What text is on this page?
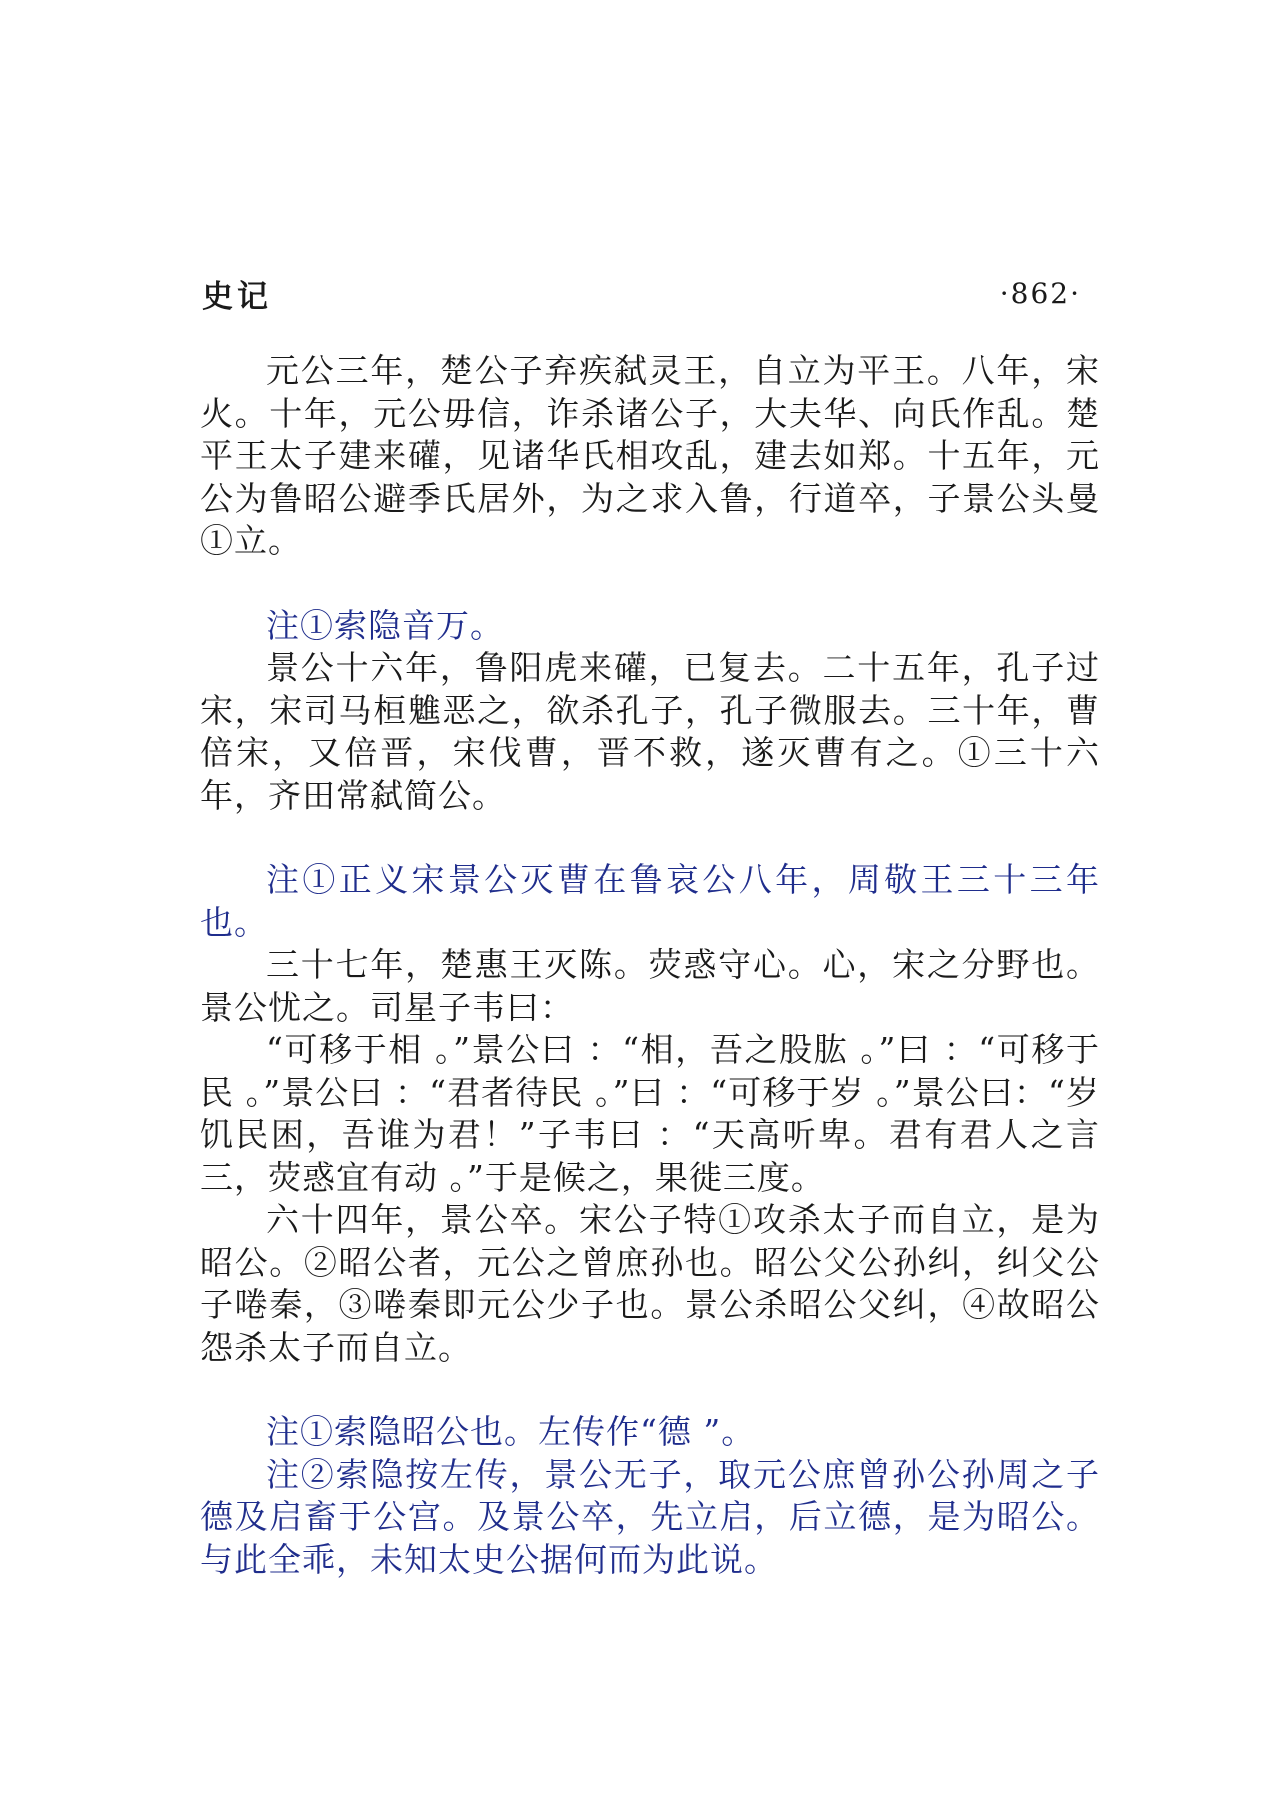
史记	·862·

元公三年，楚公子弃疾弑灵王，自立为平王。八年，宋火。十年，元公毋信，诈杀诸公子，大夫华、向氏作乱。楚平王太子建来礶，见诸华氏相攻乱，建去如郑。十五年，元公为鲁昭公避季氏居外，为之求入鲁，行道卒，子景公头曼①立。

注①索隐音万。

景公十六年，鲁阳虎来礶，已复去。二十五年，孔子过宋，宋司马桓魋恶之，欲杀孔子，孔子微服去。三十年，曹倍宋，又倍晋，宋伐曹，晋不救，遂灭曹有之。①三十六年，齐田常弑简公。

注①正义宋景公灭曹在鲁哀公八年，周敬王三十三年也。

三十七年，楚惠王灭陈。荧惑守心。心，宋之分野也。景公忧之。司星子韦曰：

“可移于相 。”景公曰 ：“相，吾之股肱 。”曰 ：“可移于民 。”景公曰 ：“君者待民 。”曰 ：“可移于岁 。”景公曰：“岁饥民困，吾谁为君！”子韦曰 ：“天高听卑。君有君人之言三，荧惑宜有动 。”于是候之，果徙三度。

六十四年，景公卒。宋公子特①攻杀太子而自立，是为昭公。②昭公者，元公之曾庶孙也。昭公父公孙纠，纠父公子啳秦，③啳秦即元公少子也。景公杀昭公父纠，④故昭公怨杀太子而自立。

注①索隐昭公也。左传作“德 ”。

注②索隐按左传，景公无子，取元公庶曾孙公孙周之子德及启畜于公宫。及景公卒，先立启，后立德，是为昭公。与此全乖，未知太史公据何而为此说。
